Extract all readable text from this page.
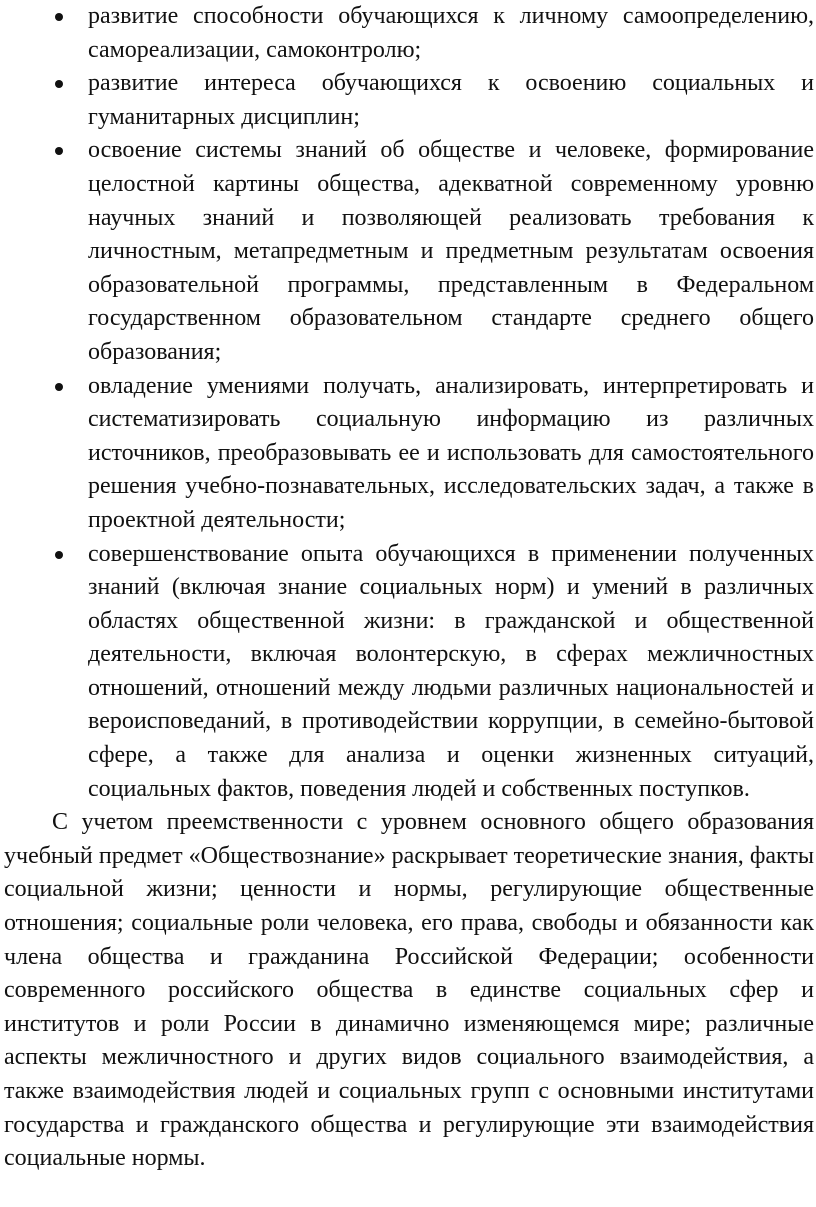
развитие способности обучающихся к личному самоопределению, самореализации, самоконтролю;
развитие интереса обучающихся к освоению социальных и гуманитарных дисциплин;
освоение системы знаний об обществе и человеке, формирование целостной картины общества, адекватной современному уровню научных знаний и позволяющей реализовать требования к личностным, метапредметным и предметным результатам освоения образовательной программы, представленным в Федеральном государственном образовательном стандарте среднего общего образования;
овладение умениями получать, анализировать, интерпретировать и систематизировать социальную информацию из различных источников, преобразовывать ее и использовать для самостоятельного решения учебно-познавательных, исследовательских задач, а также в проектной деятельности;
совершенствование опыта обучающихся в применении полученных знаний (включая знание социальных норм) и умений в различных областях общественной жизни: в гражданской и общественной деятельности, включая волонтерскую, в сферах межличностных отношений, отношений между людьми различных национальностей и вероисповеданий, в противодействии коррупции, в семейно-бытовой сфере, а также для анализа и оценки жизненных ситуаций, социальных фактов, поведения людей и собственных поступков.

С учетом преемственности с уровнем основного общего образования учебный предмет «Обществознание» раскрывает теоретические знания, факты социальной жизни; ценности и нормы, регулирующие общественные отношения; социальные роли человека, его права, свободы и обязанности как члена общества и гражданина Российской Федерации; особенности современного российского общества в единстве социальных сфер и институтов и роли России в динамично изменяющемся мире; различные аспекты межличностного и других видов социального взаимодействия, а также взаимодействия людей и социальных групп с основными институтами государства и гражданского общества и регулирующие эти взаимодействия социальные нормы.
